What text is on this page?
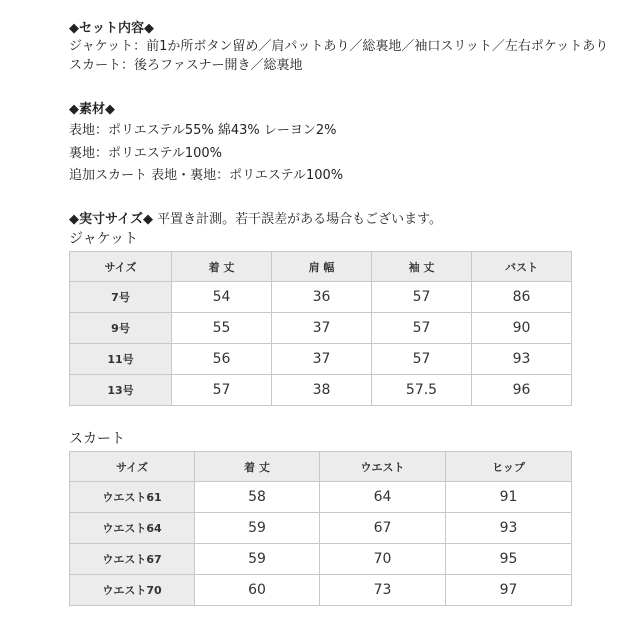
◆セット内容◆
ジャケット：前1か所ボタン留め／肩パットあり／総裏地／袖口スリット／左右ポケットあり
スカート：後ろファスナー開き／総裏地
◆素材◆
表地：ポリエステル55% 綿43% レーヨン2%
裏地：ポリエステル100%
追加スカート 表地・裏地：ポリエステル100%
◆実寸サイズ◆ 平置き計測。若干誤差がある場合もございます。
ジャケット
サイズ	着 丈	肩 幅	袖 丈	バスト
7号	54	36	57	86
9号	55	37	57	90
11号	56	37	57	93
13号	57	38	57.5	96
スカート
サイズ	着 丈	ウエスト	ヒップ
ウエスト61	58	64	91
ウエスト64	59	67	93
ウエスト67	59	70	95
ウエスト70	60	73	97
